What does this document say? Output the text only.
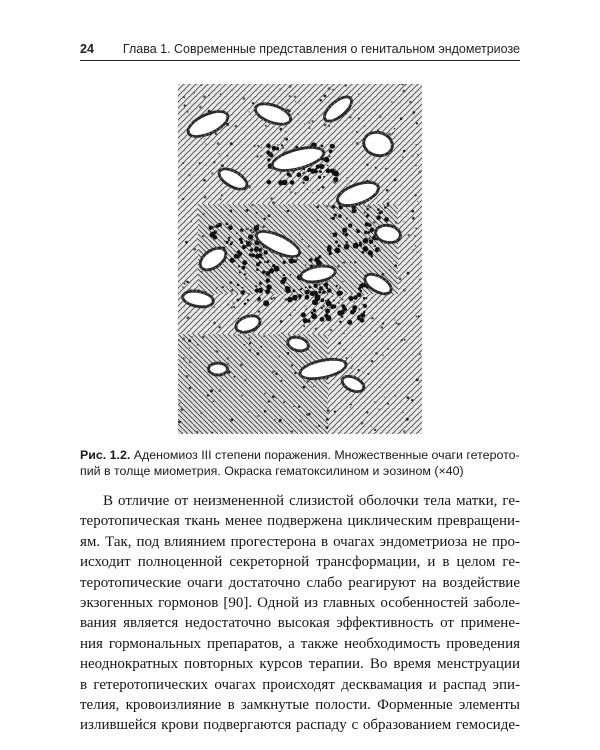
24 Глава 1. Современные представления о генитальном эндометриозе
Рис. 1.2. Аденомиоз III степени поражения. Множественные очаги гетерото-
пий в толще миометрия. Окраска гематоксилином и эозином (×40)
В отличие от неизмененной слизистой оболочки тела матки, ге-
теротопическая ткань менее подвержена циклическим превращени-
ям. Так, под влиянием прогестерона в очагах эндометриоза не про-
исходит полноценной секреторной трансформации, и в целом ге-
теротопические очаги достаточно слабо реагируют на воздействие
экзогенных гормонов [90]. Одной из главных особенностей заболе-
вания является недостаточно высокая эффективность от примене-
ния гормональных препаратов, а также необходимость проведения
неоднократных повторных курсов терапии. Во время менструации
в гетеротопических очагах происходят десквамация и распад эпи-
телия, кровоизлияние в замкнутые полости. Форменные элементы
излившейся крови подвергаются распаду с образованием гемосиде-
